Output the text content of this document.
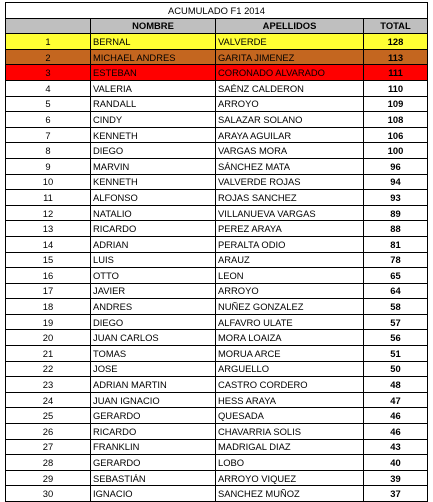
ACUMULADO F1 2014			
	NOMBRE	APELLIDOS	TOTAL
1	BERNAL	VALVERDE	128
2	MICHAEL ANDRES	GARITA JIMENEZ	113
3	ESTEBAN	CORONADO ALVARADO	111
4	VALERIA	SAÉNZ CALDERON	110
5	RANDALL	ARROYO	109
6	CINDY	SALAZAR SOLANO	108
7	KENNETH	ARAYA AGUILAR	106
8	DIEGO	VARGAS MORA	100
9	MARVIN	SÁNCHEZ MATA	96
10	KENNETH	VALVERDE ROJAS	94
11	ALFONSO	ROJAS SANCHEZ	93
12	NATALIO	VILLANUEVA VARGAS	89
13	RICARDO	PEREZ ARAYA	88
14	ADRIAN	PERALTA ODIO	81
15	LUIS	ARAUZ	78
16	OTTO	LEON	65
17	JAVIER	ARROYO	64
18	ANDRES	NUÑEZ GONZALEZ	58
19	DIEGO	ALFAVRO ULATE	57
20	JUAN CARLOS	MORA LOAIZA	56
21	TOMAS	MORUA ARCE	51
22	JOSE	ARGUELLO	50
23	ADRIAN MARTIN	CASTRO CORDERO	48
24	JUAN IGNACIO	HESS ARAYA	47
25	GERARDO	QUESADA	46
26	RICARDO	CHAVARRIA SOLIS	46
27	FRANKLIN	MADRIGAL DIAZ	43
28	GERARDO	LOBO	40
29	SEBASTIÁN	ARROYO VIQUEZ	39
30	IGNACIO	SANCHEZ MUÑOZ	37
